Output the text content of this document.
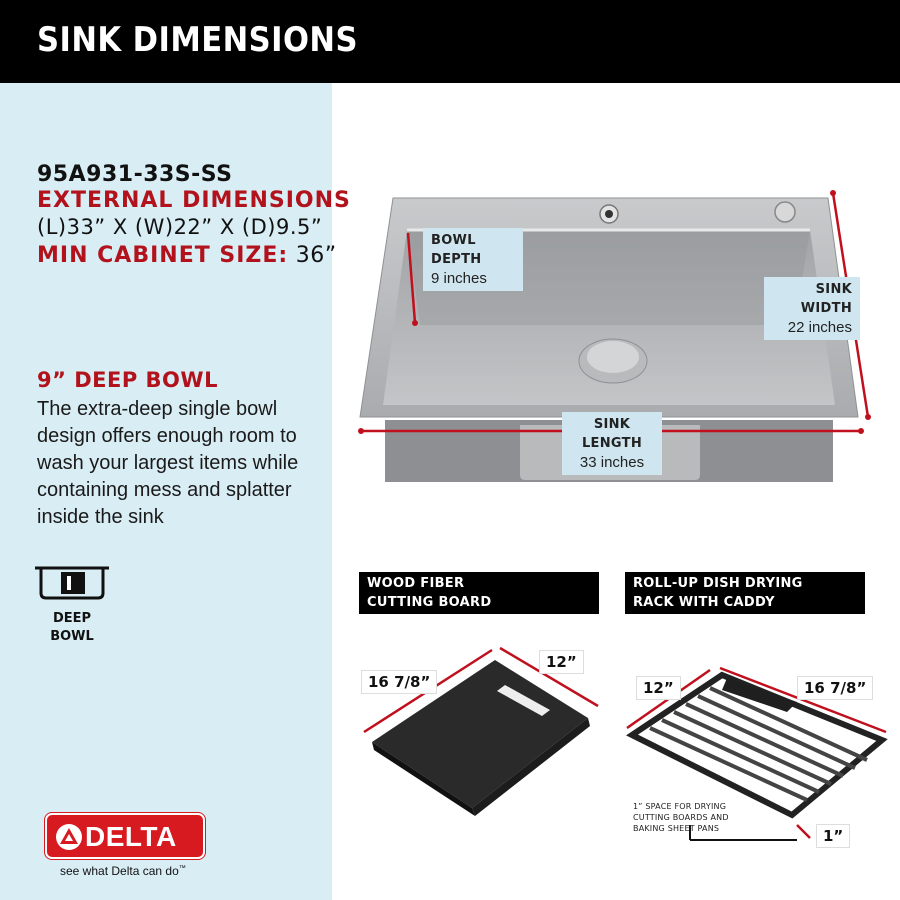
SINK DIMENSIONS
95A931-33S-SS
EXTERNAL DIMENSIONS
(L)33” X (W)22” X (D)9.5”
MIN CABINET SIZE: 36”
9” DEEP BOWL
The extra-deep single bowl design offers enough room to wash your largest items while containing mess and splatter inside the sink
DEEP
BOWL
DELTA
see what Delta can do™
BOWL DEPTH
9 inches
SINK WIDTH
22 inches
SINK LENGTH
33 inches
WOOD FIBER
CUTTING BOARD
16 7/8”
12”
ROLL-UP DISH DRYING
RACK WITH CADDY
12”	16 7/8”
1”
1” SPACE FOR DRYING
CUTTING BOARDS AND
BAKING SHEET PANS
